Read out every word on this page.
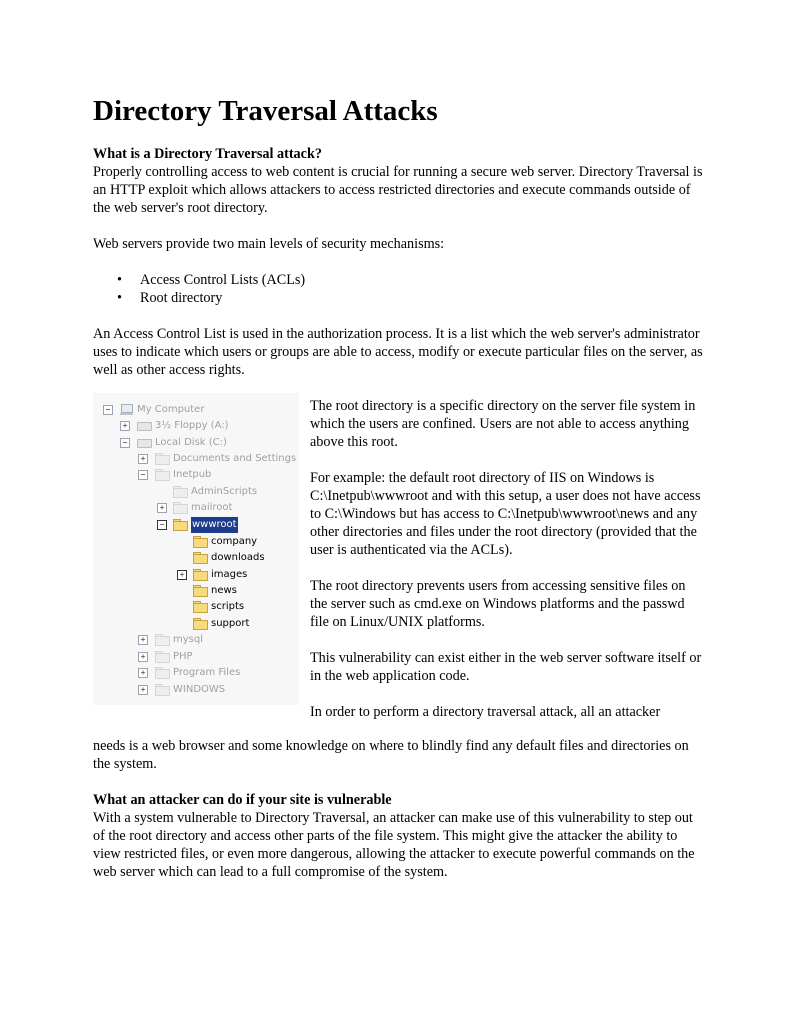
Directory Traversal Attacks

What is a Directory Traversal attack?

Properly controlling access to web content is crucial for running a secure web server. Directory Traversal is an HTTP exploit which allows attackers to access restricted directories and execute commands outside of the web server's root directory.

Web servers provide two main levels of security mechanisms:

• Access Control Lists (ACLs)
• Root directory

An Access Control List is used in the authorization process. It is a list which the web server's administrator uses to indicate which users or groups are able to access, modify or execute particular files on the server, as well as other access rights.

−	My Computer
+	3½ Floppy (A:)
−	Local Disk (C:)
+	Documents and Settings
−	Inetpub
AdminScripts
+	mailroot
−	wwwroot
company
downloads
+	images
news
scripts
support
+	mysql
+	PHP
+	Program Files
+	WINDOWS

The root directory is a specific directory on the server file system in which the users are confined. Users are not able to access anything above this root.

For example: the default root directory of IIS on Windows is C:\Inetpub\wwwroot and with this setup, a user does not have access to C:\Windows but has access to C:\Inetpub\wwwroot\news and any other directories and files under the root directory (provided that the user is authenticated via the ACLs).

The root directory prevents users from accessing sensitive files on the server such as cmd.exe on Windows platforms and the passwd file on Linux/UNIX platforms.

This vulnerability can exist either in the web server software itself or in the web application code.

In order to perform a directory traversal attack, all an attacker

needs is a web browser and some knowledge on where to blindly find any default files and directories on the system.

What an attacker can do if your site is vulnerable

With a system vulnerable to Directory Traversal, an attacker can make use of this vulnerability to step out of the root directory and access other parts of the file system. This might give the attacker the ability to view restricted files, or even more dangerous, allowing the attacker to execute powerful commands on the web server which can lead to a full compromise of the system.
